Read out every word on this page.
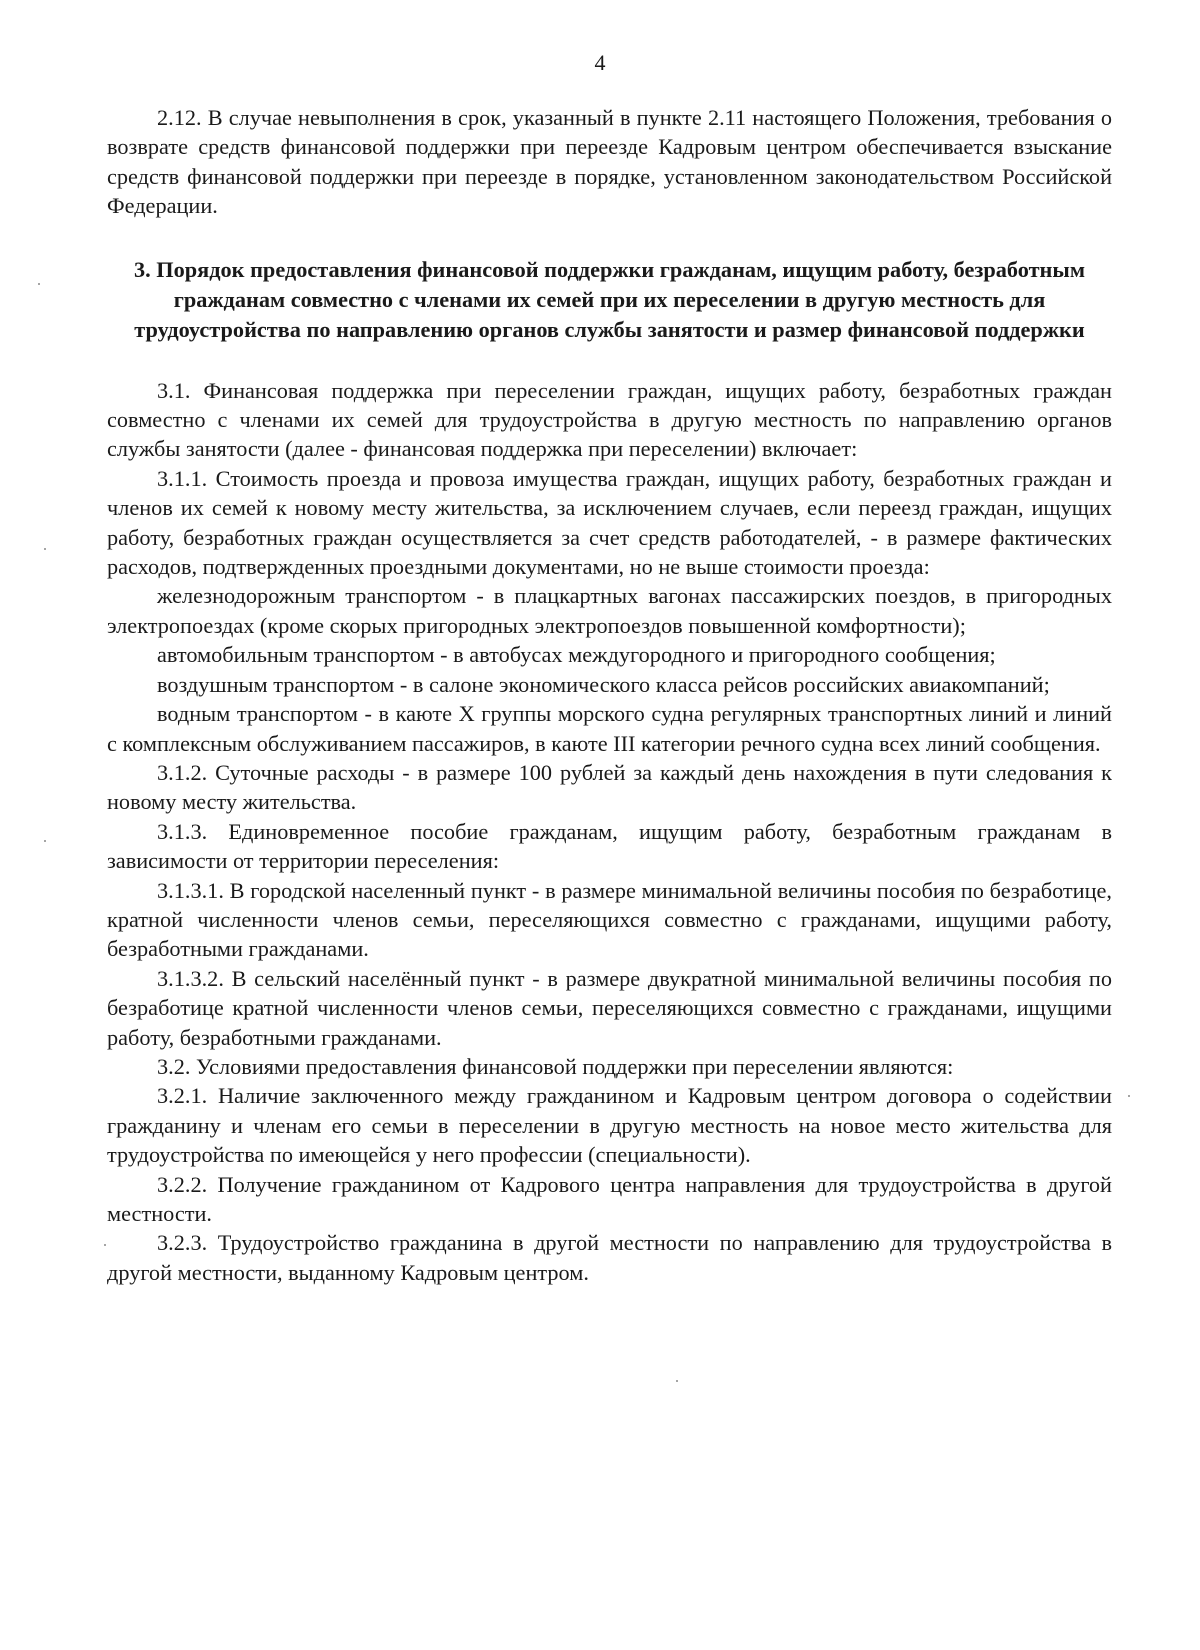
4

2.12. В случае невыполнения в срок, указанный в пункте 2.11 настоящего Положения, требования о возврате средств финансовой поддержки при переезде Кадровым центром обеспечивается взыскание средств финансовой поддержки при переезде в порядке, установленном законодательством Российской Федерации.

3. Порядок предоставления финансовой поддержки гражданам, ищущим работу, безработным гражданам совместно с членами их семей при их переселении в другую местность для трудоустройства по направлению органов службы занятости и размер финансовой поддержки

3.1. Финансовая поддержка при переселении граждан, ищущих работу, безработных граждан совместно с членами их семей для трудоустройства в другую местность по направлению органов службы занятости (далее - финансовая поддержка при переселении) включает:

3.1.1. Стоимость проезда и провоза имущества граждан, ищущих работу, безработных граждан и членов их семей к новому месту жительства, за исключением случаев, если переезд граждан, ищущих работу, безработных граждан осуществляется за счет средств работодателей, - в размере фактических расходов, подтвержденных проездными документами, но не выше стоимости проезда:

железнодорожным транспортом - в плацкартных вагонах пассажирских поездов, в пригородных электропоездах (кроме скорых пригородных электропоездов повышенной комфортности);

автомобильным транспортом - в автобусах междугородного и пригородного сообщения;

воздушным транспортом - в салоне экономического класса рейсов российских авиакомпаний;

водным транспортом - в каюте X группы морского судна регулярных транспортных линий и линий с комплексным обслуживанием пассажиров, в каюте III категории речного судна всех линий сообщения.

3.1.2. Суточные расходы - в размере 100 рублей за каждый день нахождения в пути следования к новому месту жительства.

3.1.3. Единовременное пособие гражданам, ищущим работу, безработным гражданам в зависимости от территории переселения:

3.1.3.1. В городской населенный пункт - в размере минимальной величины пособия по безработице, кратной численности членов семьи, переселяющихся совместно с гражданами, ищущими работу, безработными гражданами.

3.1.3.2. В сельский населённый пункт - в размере двукратной минимальной величины пособия по безработице кратной численности членов семьи, переселяющихся совместно с гражданами, ищущими работу, безработными гражданами.

3.2. Условиями предоставления финансовой поддержки при переселении являются:

3.2.1. Наличие заключенного между гражданином и Кадровым центром договора о содействии гражданину и членам его семьи в переселении в другую местность на новое место жительства для трудоустройства по имеющейся у него профессии (специальности).

3.2.2. Получение гражданином от Кадрового центра направления для трудоустройства в другой местности.

3.2.3. Трудоустройство гражданина в другой местности по направлению для трудоустройства в другой местности, выданному Кадровым центром.
